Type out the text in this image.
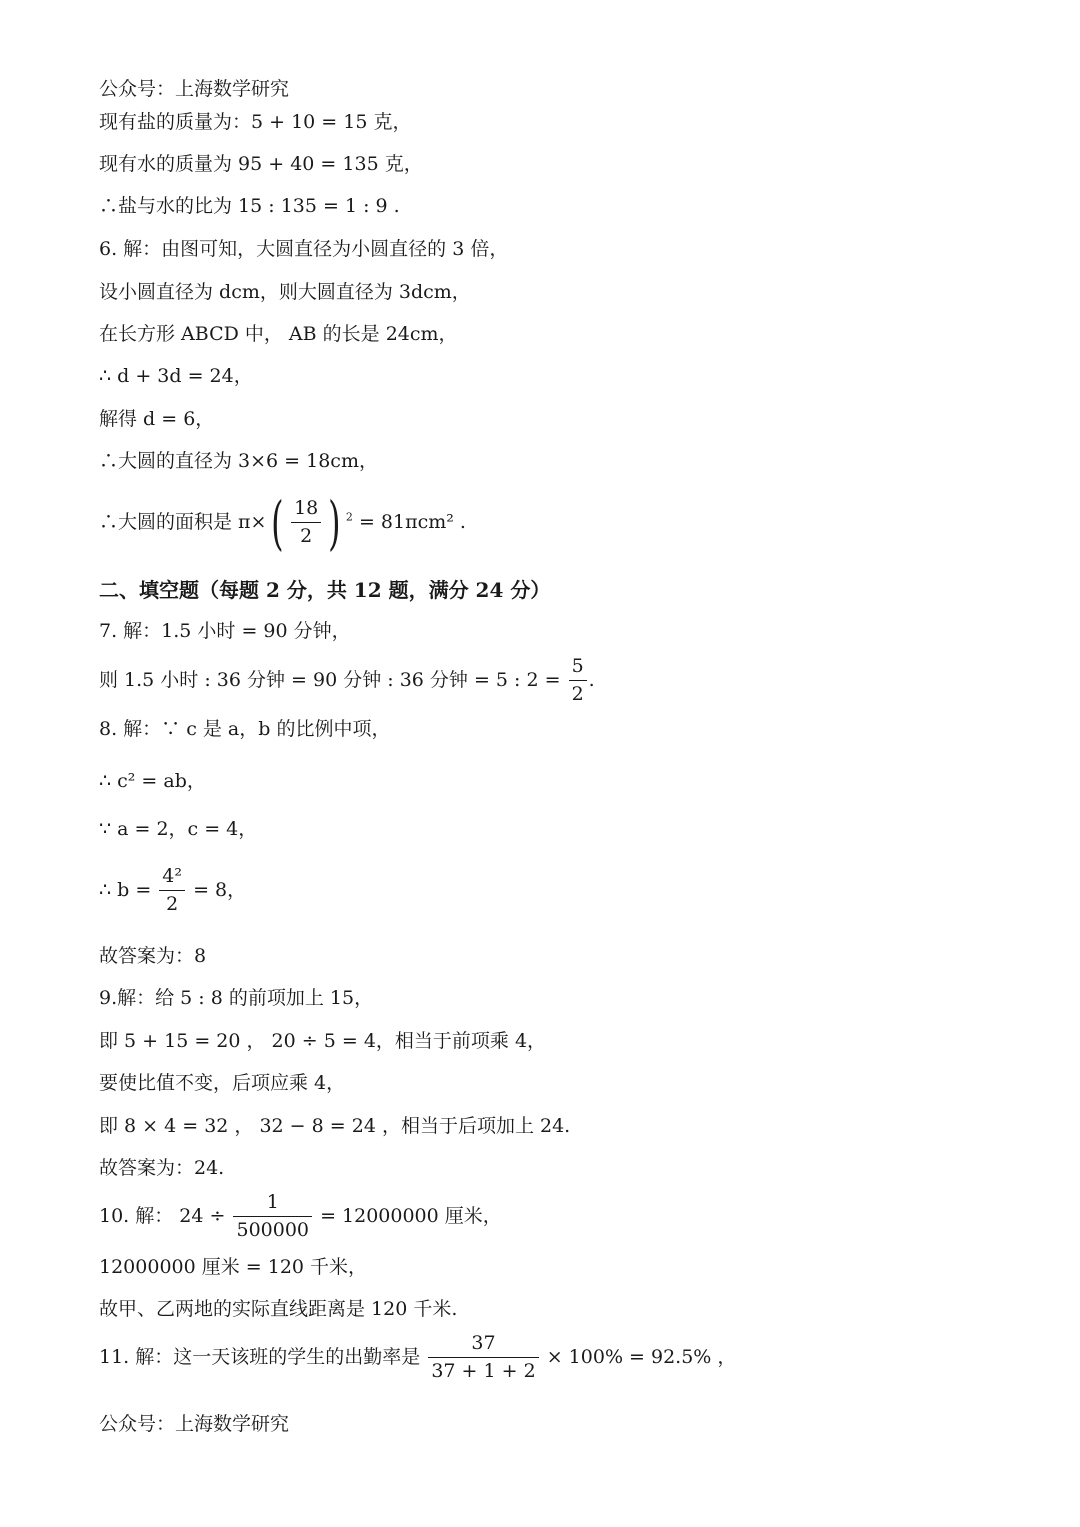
公众号：上海数学研究
现有盐的质量为：5 + 10 = 15 克，
现有水的质量为 95 + 40 = 135 克，
∴盐与水的比为 15 : 135 = 1 : 9 .
6. 解：由图可知，大圆直径为小圆直径的 3 倍，
设小圆直径为 dcm，则大圆直径为 3dcm，
在长方形 ABCD 中， AB 的长是 24cm，
∴ d + 3d = 24，
解得 d = 6，
∴大圆的直径为 3×6 = 18cm，
∴大圆的面积是 $\pi\times( \frac{18}{2}$ ) $^2$ = 81πcm² .
二、填空题（每题 2 分，共 12 题，满分 24 分）
7. 解：1.5 小时 = 90 分钟，
则 1.5 小时 : 36 分钟 = 90 分钟 : 36 分钟 = 5 : $2 = \frac{5}{2}$ .
8. 解：∵ c 是 a，b 的比例中项，
∴ c² = ab，
∵ a = 2，c = 4，
∴ $b = \frac{\text{4²}}{2} = 8$，
故答案为：8
9.解：给 5 : 8 的前项加上 15，
即 5 + 15 = 20 ， 20 ÷ 5 = 4，相当于前项乘 4，
要使比值不变，后项应乘 4，
即 8 × 4 = 32 ， 32 − 8 = 24 ，相当于后项加上 24.
故答案为：24.
10. 解： $24 \div \frac{1}{500000} = 12000000$ 厘米，
12000000 厘米 = 120 千米，
故甲、乙两地的实际直线距离是 120 千米.
11. 解：这一天该班的学生的出勤率是 $\frac{37}{37 + 1 + 2} \times 100\% = 92.5\%$ ，
公众号：上海数学研究
